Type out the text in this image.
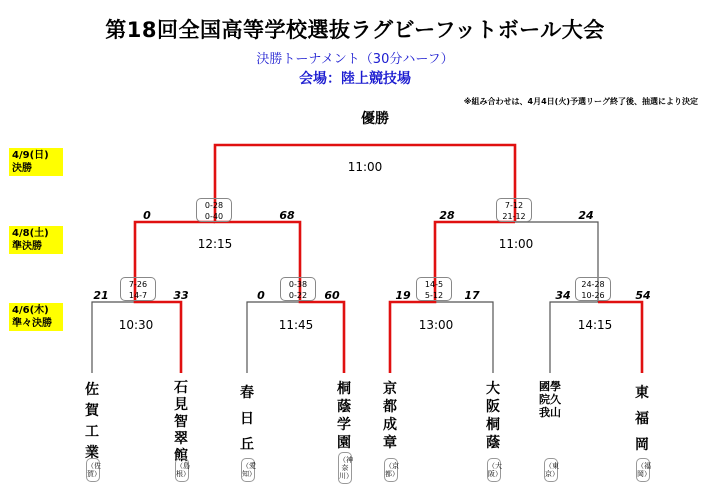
第18回全国高等学校選抜ラグビーフットボール大会
決勝トーナメント（30分ハーフ）
会場：陸上競技場
※組み合わせは、4月4日(火)予選リーグ終了後、抽選により決定
優勝
4/9(日)
決勝
4/8(土)
準決勝
4/6(木)
準々決勝
11:00
0-28
0-40
0	68
12:15
7-12
21-12
28	24
11:00
7-26
14-7
21	33
10:30
0-38
0-22
0	60
11:45
14-5
5-12
19	17
13:00
24-28
10-26
34	54
14:15
佐賀工業
（佐賀）
石見智翠館
（島根）
春日丘
（愛知）
桐蔭学園
（神奈川）
京都成章
（京都）
大阪桐蔭
（大阪）
國學院久我山
（東京）
東福岡
（福岡）
